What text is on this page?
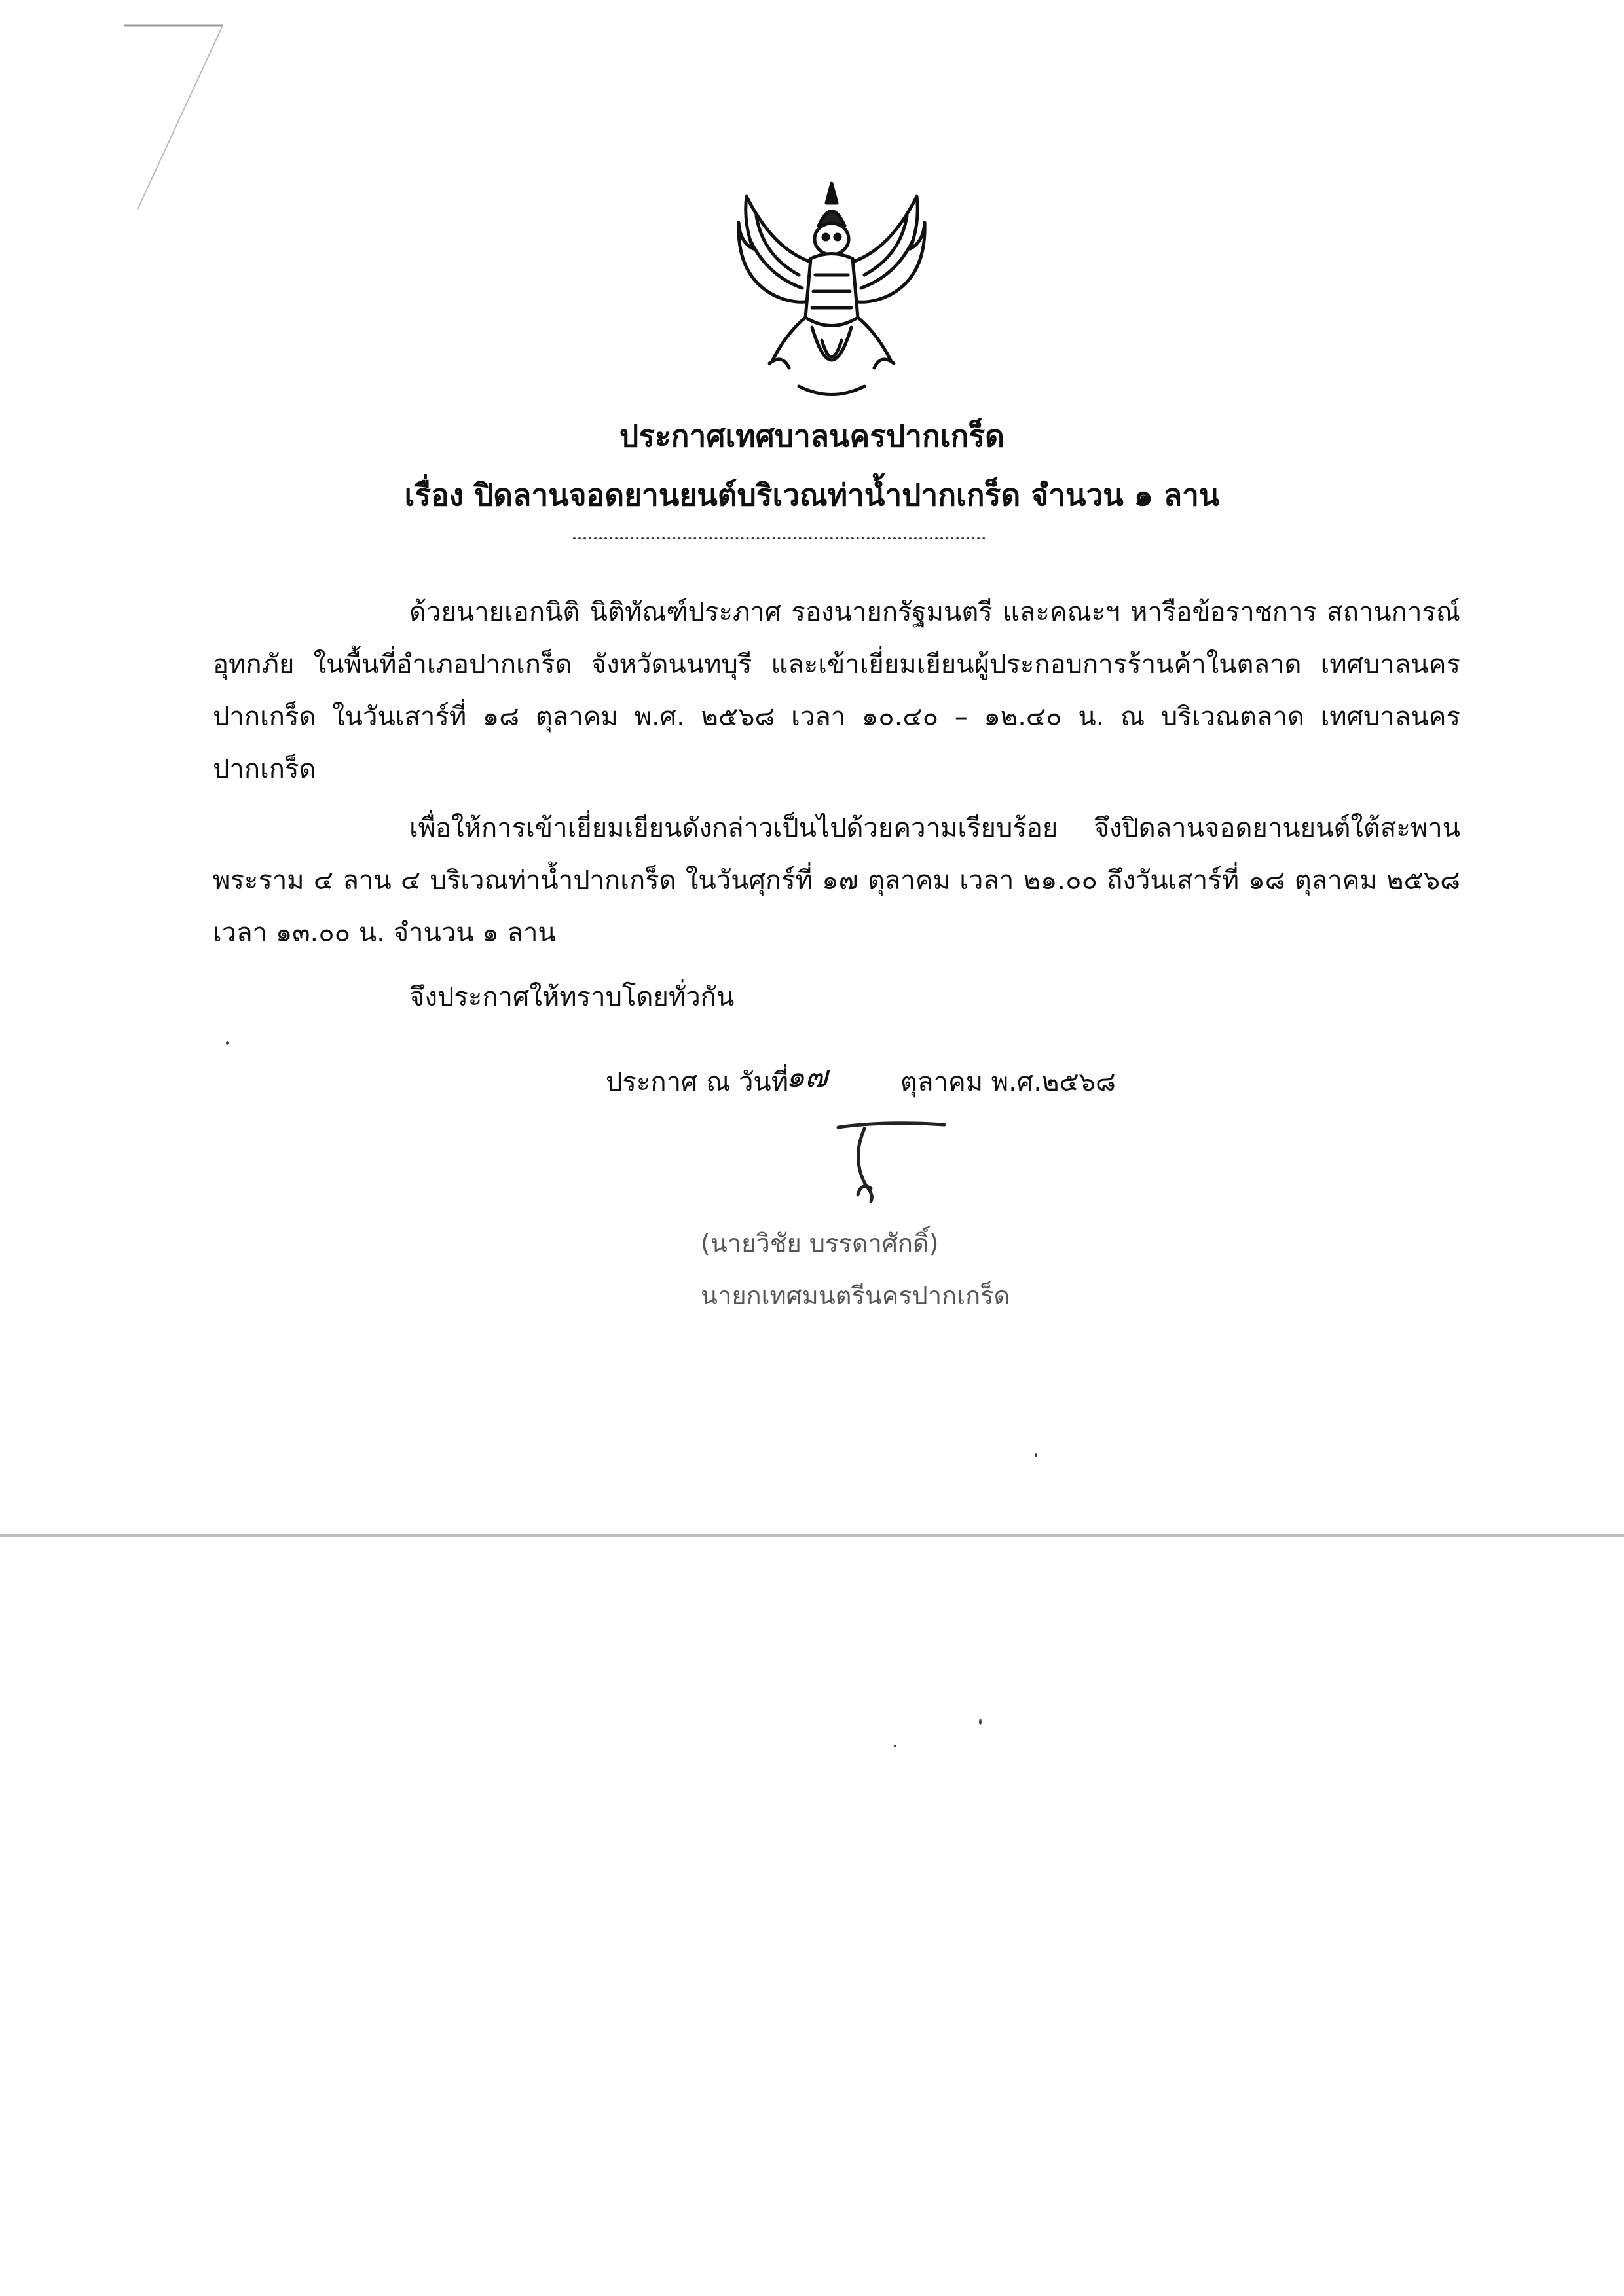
ประกาศเทศบาลนครปากเกร็ด
เรื่อง ปิดลานจอดยานยนต์บริเวณท่าน้ำปากเกร็ด จำนวน ๑ ลาน
ด้วยนายเอกนิติ นิติทัณฑ์ประภาศ รองนายกรัฐมนตรี และคณะฯ หารือข้อราชการ สถานการณ์อุทกภัย ในพื้นที่อำเภอปากเกร็ด จังหวัดนนทบุรี และเข้าเยี่ยมเยียนผู้ประกอบการร้านค้าในตลาด เทศบาลนครปากเกร็ด ในวันเสาร์ที่ ๑๘ ตุลาคม พ.ศ. ๒๕๖๘ เวลา ๑๐.๔๐ – ๑๒.๔๐ น. ณ บริเวณตลาด เทศบาลนครปากเกร็ด
เพื่อให้การเข้าเยี่ยมเยียนดังกล่าวเป็นไปด้วยความเรียบร้อย จึงปิดลานจอดยานยนต์ใต้สะพาน พระราม ๔ ลาน ๔ บริเวณท่าน้ำปากเกร็ด ในวันศุกร์ที่ ๑๗ ตุลาคม เวลา ๒๑.๐๐ ถึงวันเสาร์ที่ ๑๘ ตุลาคม ๒๕๖๘ เวลา ๑๓.๐๐ น. จำนวน ๑ ลาน
จึงประกาศให้ทราบโดยทั่วกัน
ประกาศ ณ วันที่
๑๗	ตุลาคม พ.ศ.๒๕๖๘
(นายวิชัย บรรดาศักดิ์)
นายกเทศมนตรีนครปากเกร็ด
